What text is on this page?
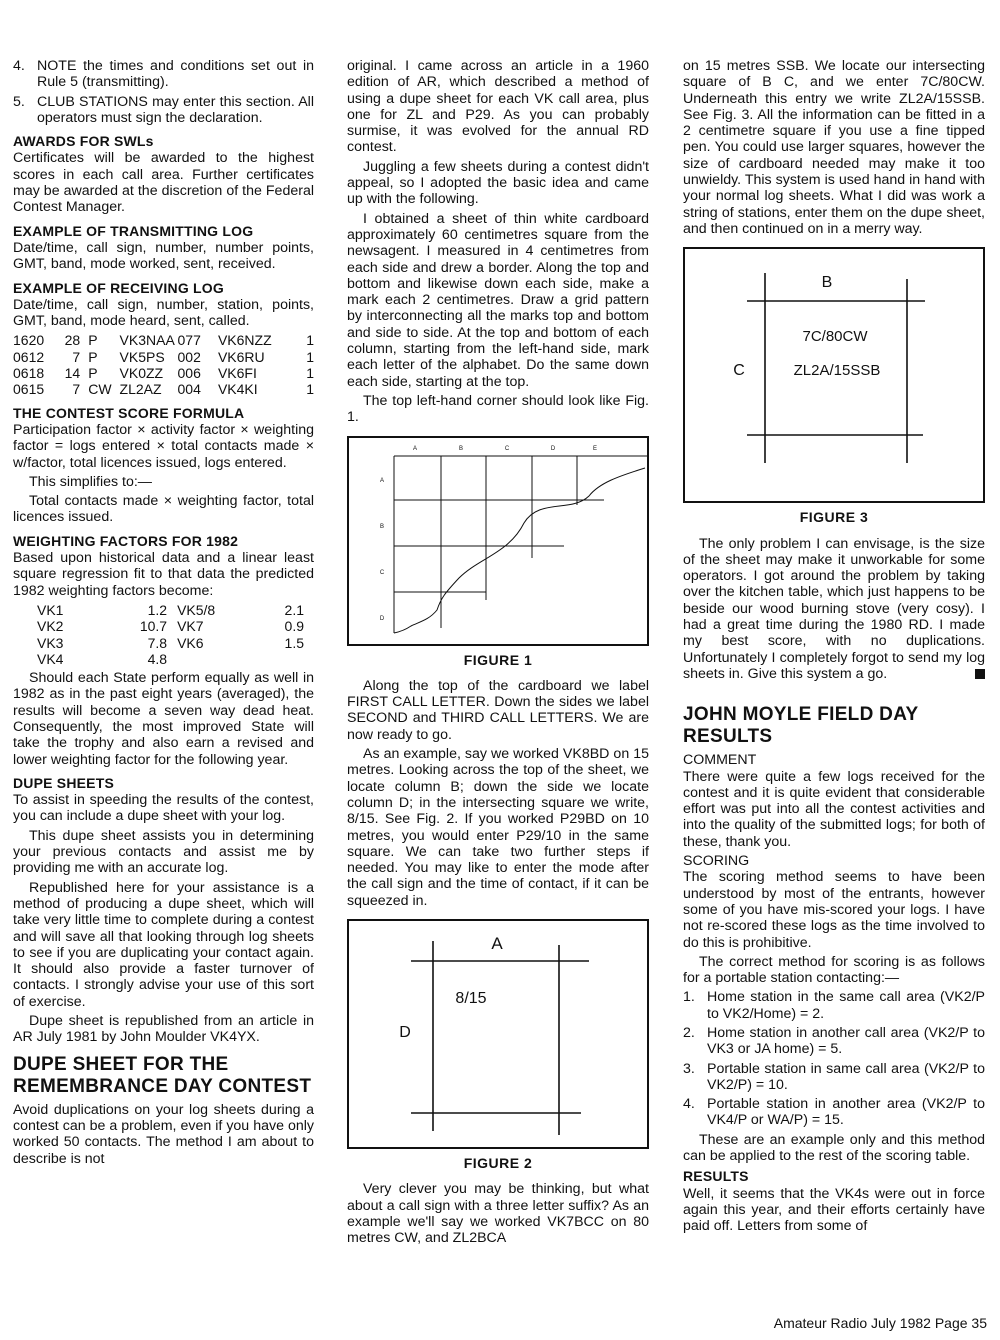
4. NOTE the times and conditions set out in Rule 5 (transmitting).
5. CLUB STATIONS may enter this section. All operators must sign the declaration.
AWARDS FOR SWLs

Certificates will be awarded to the highest scores in each call area. Further certificates may be awarded at the discretion of the Federal Contest Manager.

EXAMPLE OF TRANSMITTING LOG

Date/time, call sign, number, number points, GMT, band, mode worked, sent, received.

EXAMPLE OF RECEIVING LOG

Date/time, call sign, number, station, points, GMT, band, mode heard, sent, called.

1620	28	P	VK3NAA	077	VK6NZZ	1
0612	7	P	VK5PS	002	VK6RU	1
0618	14	P	VK0ZZ	006	VK6FI	1
0615	7	CW	ZL2AZ	004	VK4KI	1
THE CONTEST SCORE FORMULA

Participation factor × activity factor × weighting factor = logs entered × total contacts made × w/factor, total licences issued, logs entered.

This simplifies to:—

Total contacts made × weighting factor, total licences issued.

WEIGHTING FACTORS FOR 1982

Based upon historical data and a linear least square regression fit to that data the predicted 1982 weighting factors become:

VK1	1.2	VK5/8	2.1
VK2	10.7	VK7	0.9
VK3	7.8	VK6	1.5
VK4	4.8		

Should each State perform equally as well in 1982 as in the past eight years (averaged), the results will become a seven way dead heat. Consequently, the most improved State will take the trophy and also earn a revised and lower weighting factor for the following year.

DUPE SHEETS

To assist in speeding the results of the contest, you can include a dupe sheet with your log.

This dupe sheet assists you in determining your previous contacts and assist me by providing me with an accurate log.

Republished here for your assistance is a method of producing a dupe sheet, which will take very little time to complete during a contest and will save all that looking through log sheets to see if you are duplicating your contact again. It should also provide a faster turnover of contacts. I strongly advise your use of this sort of exercise.

Dupe sheet is republished from an article in AR July 1981 by John Moulder VK4YX.

DUPE SHEET FOR THE REMEMBRANCE DAY CONTEST

Avoid duplications on your log sheets during a contest can be a problem, even if you have only worked 50 contacts. The method I am about to describe is not

original. I came across an article in a 1960 edition of AR, which described a method of using a dupe sheet for each VK call area, plus one for ZL and P29. As you can probably surmise, it was evolved for the annual RD contest.

Juggling a few sheets during a contest didn't appeal, so I adopted the basic idea and came up with the following.

I obtained a sheet of thin white cardboard approximately 60 centimetres square from the newsagent. I measured in 4 centimetres from each side and drew a border. Along the top and bottom and likewise down each side, make a mark each 2 centimetres. Draw a grid pattern by interconnecting all the marks top and bottom and side to side. At the top and bottom of each column, starting from the left-hand side, mark each letter of the alphabet. Do the same down each side, starting at the top.

The top left-hand corner should look like Fig. 1.

A	B	C	D	E
A
B
C
D
FIGURE 1

Along the top of the cardboard we label FIRST CALL LETTER. Down the sides we label SECOND and THIRD CALL LETTERS. We are now ready to go.

As an example, say we worked VK8BD on 15 metres. Looking across the top of the sheet, we locate column B; down the side we locate column D; in the intersecting square we write, 8/15. See Fig. 2. If you worked P29BD on 10 metres, you would enter P29/10 in the same square. We can take two further steps if needed. You may like to enter the mode after the call sign and the time of contact, if it can be squeezed in.

A
D
8/15
FIGURE 2

Very clever you may be thinking, but what about a call sign with a three letter suffix? As an example we'll say we worked VK7BCC on 80 metres CW, and ZL2BCA

on 15 metres SSB. We locate our intersecting square of B C, and we enter 7C/80CW. Underneath this entry we write ZL2A/15SSB. See Fig. 3. All the information can be fitted in a 2 centimetre square if you use a fine tipped pen. You could use larger squares, however the size of cardboard needed may make it too unwieldy. This system is used hand in hand with your normal log sheets. What I did was work a string of stations, enter them on the dupe sheet, and then continued on in a merry way.

B
C
7C/80CW
ZL2A/15SSB
FIGURE 3

The only problem I can envisage, is the size of the sheet may make it unworkable for some operators. I got around the problem by taking over the kitchen table, which just happens to be beside our wood burning stove (very cosy). I had a great time during the 1980 RD. I made my best score, with no duplications. Unfortunately I completely forgot to send my log sheets in. Give this system a go.

JOHN MOYLE FIELD DAY RESULTS
COMMENT

There were quite a few logs received for the contest and it is quite evident that considerable effort was put into all the contest activities and into the quality of the submitted logs; for both of these, thank you.

SCORING

The scoring method seems to have been understood by most of the entrants, however some of you have mis-scored your logs. I have not re-scored these logs as the time involved to do this is prohibitive.

The correct method for scoring is as follows for a portable station contacting:—

1. Home station in the same call area (VK2/P to VK2/Home) = 2.
2. Home station in another call area (VK2/P to VK3 or JA home) = 5.
3. Portable station in same call area (VK2/P to VK2/P) = 10.
4. Portable station in another area (VK2/P to VK4/P or WA/P) = 15.

These are an example only and this method can be applied to the rest of the scoring table.

RESULTS

Well, it seems that the VK4s were out in force again this year, and their efforts certainly have paid off. Letters from some of

Amateur Radio July 1982 Page 35
